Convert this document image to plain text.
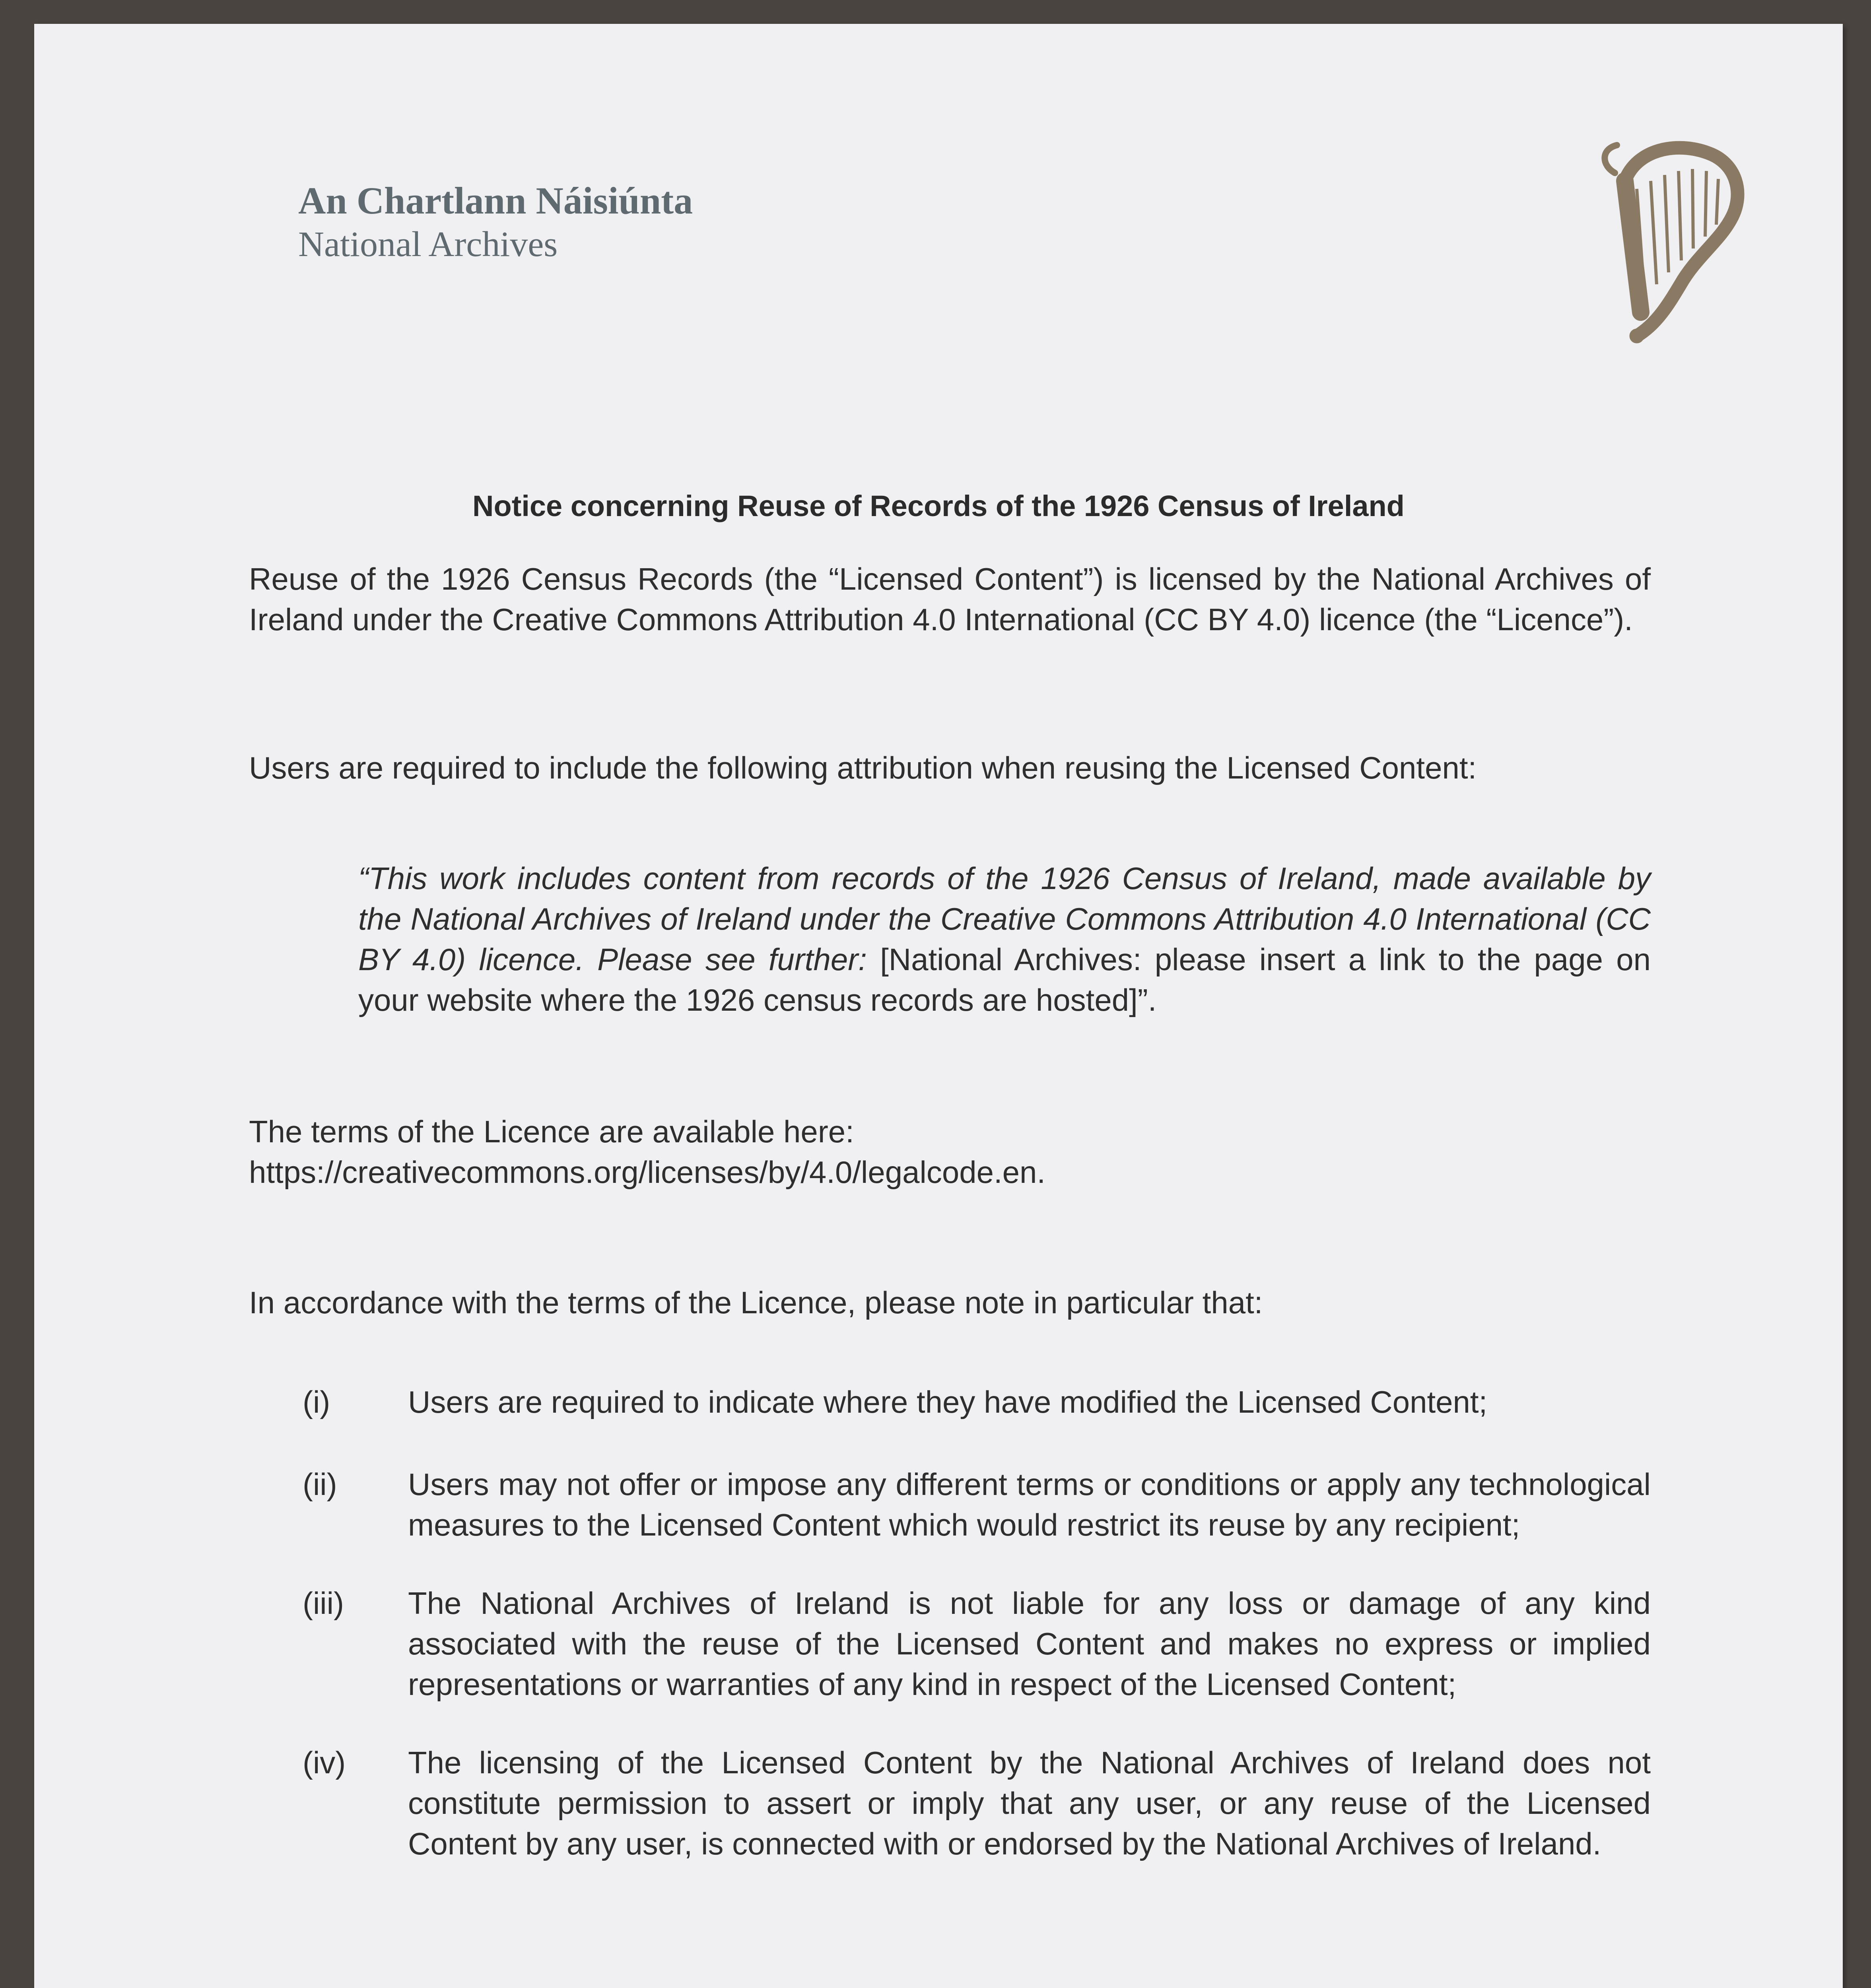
An Chartlann Náisiúnta
National Archives
Notice concerning Reuse of Records of the 1926 Census of Ireland
Reuse of the 1926 Census Records (the “Licensed Content”) is licensed by the National Archives of Ireland under the Creative Commons Attribution 4.0 International (CC BY 4.0) licence (the “Licence”).
Users are required to include the following attribution when reusing the Licensed Content:
“This work includes content from records of the 1926 Census of Ireland, made available by the National Archives of Ireland under the Creative Commons Attribution 4.0 International (CC BY 4.0) licence. Please see further: [National Archives: please insert a link to the page on your website where the 1926 census records are hosted]”.
The terms of the Licence are available here:
https://creativecommons.org/licenses/by/4.0/legalcode.en.
In accordance with the terms of the Licence, please note in particular that:
(i)	Users are required to indicate where they have modified the Licensed Content;
(ii) Users may not offer or impose any different terms or conditions or apply any technological measures to the Licensed Content which would restrict its reuse by any recipient;
(iii) The National Archives of Ireland is not liable for any loss or damage of any kind associated with the reuse of the Licensed Content and makes no express or implied representations or warranties of any kind in respect of the Licensed Content;
(iv) The licensing of the Licensed Content by the National Archives of Ireland does not constitute permission to assert or imply that any user, or any reuse of the Licensed Content by any user, is connected with or endorsed by the National Archives of Ireland.
